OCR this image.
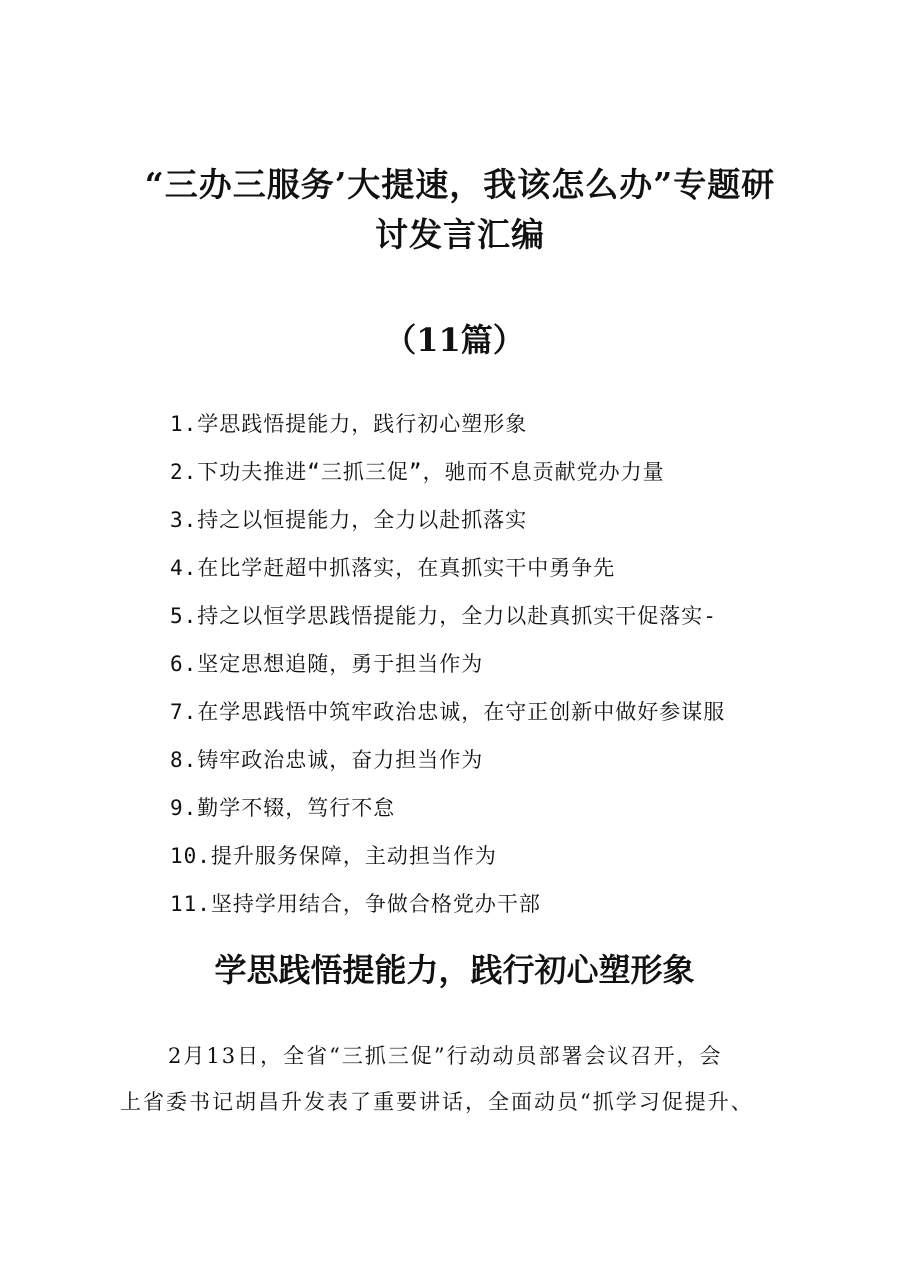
“三办三服务’大提速，我该怎么办”专题研
讨发言汇编
（11篇）
1.学思践悟提能力，践行初心塑形象
2.下功夫推进“三抓三促”，驰而不息贡献党办力量
3.持之以恒提能力，全力以赴抓落实
4.在比学赶超中抓落实，在真抓实干中勇争先
5.持之以恒学思践悟提能力，全力以赴真抓实干促落实-
6.坚定思想追随，勇于担当作为
7.在学思践悟中筑牢政治忠诚，在守正创新中做好参谋服
8.铸牢政治忠诚，奋力担当作为
9.勤学不辍，笃行不怠
10.提升服务保障，主动担当作为
11.坚持学用结合，争做合格党办干部
学思践悟提能力，践行初心塑形象

2月13日，全省“三抓三促”行动动员部署会议召开，会
上省委书记胡昌升发表了重要讲话，全面动员“抓学习促提升、
